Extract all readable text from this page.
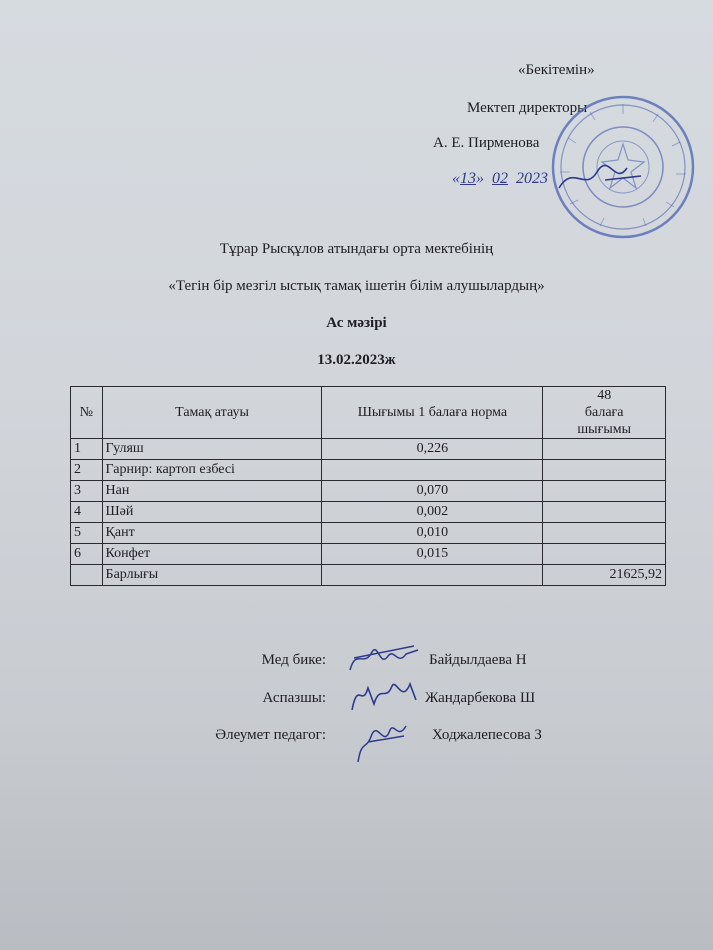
«Бекітемін»
Мектеп директоры
А. Е. Пирменова
«13» 02 2023
Тұрар Рысқұлов атындағы орта мектебінің
«Тегін бір мезгіл ыстық тамақ ішетін білім алушылардың»
Ас мәзірі
13.02.2023ж
№	Тамақ атауы	Шығымы 1 балаға норма	48 балаға шығымы
1	Гуляш	0,226	
2	Гарнир: картоп езбесі		
3	Нан	0,070	
4	Шәй	0,002	
5	Қант	0,010	
6	Конфет	0,015	
	Барлығы		21625,92
Мед бике:	Байдылдаева Н
Аспазшы:	Жандарбекова Ш
Әлеумет педагог:	Ходжалепесова З
